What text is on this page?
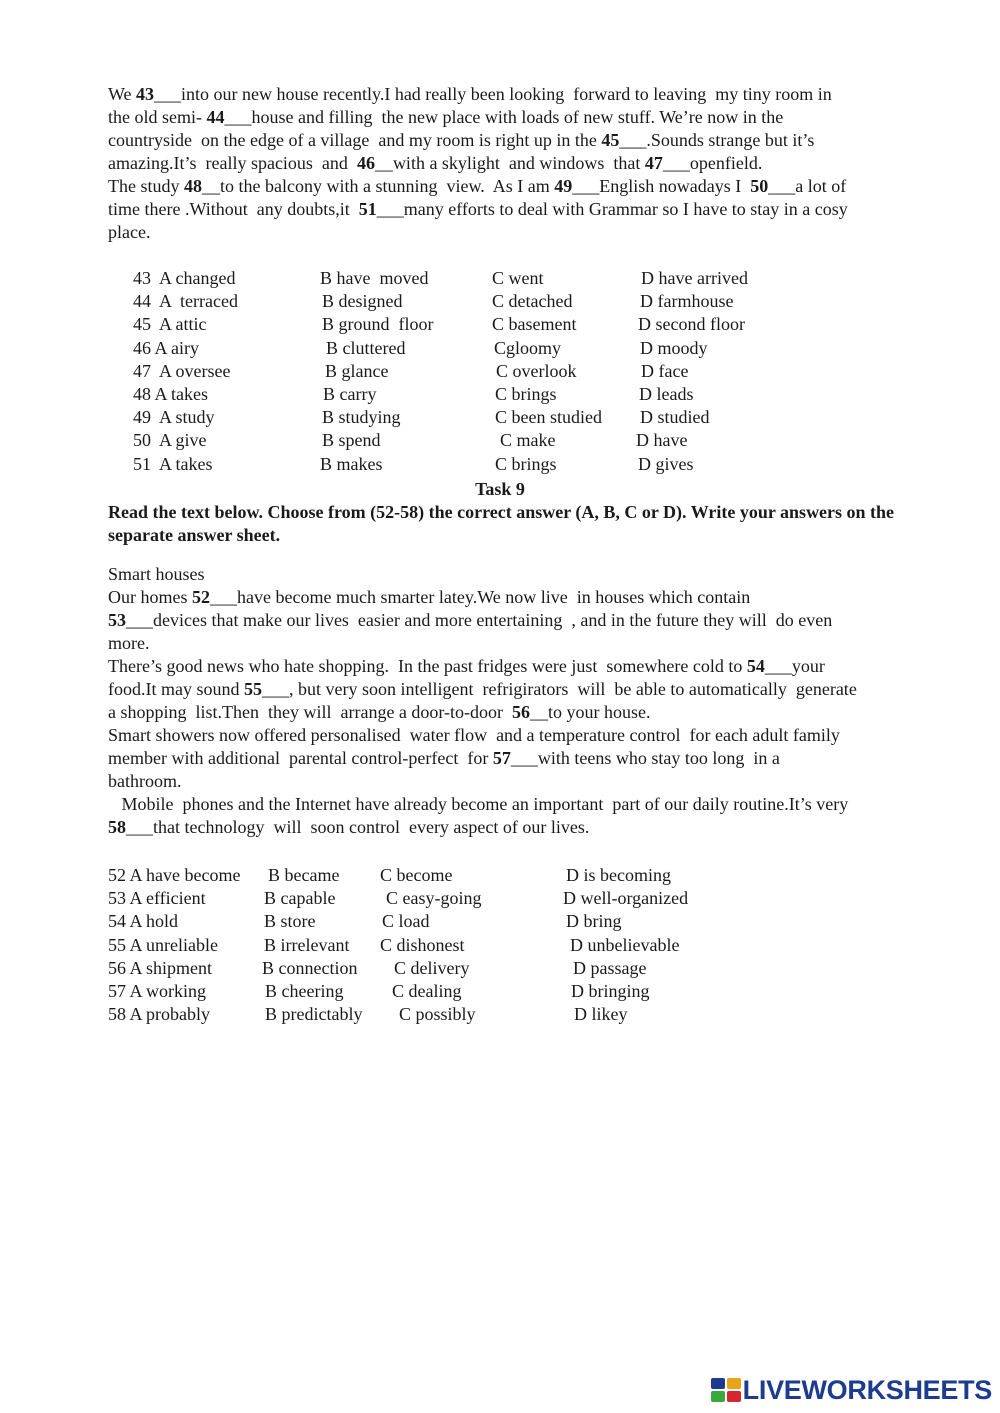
We 43___into our new house recently.I had really been looking  forward to leaving  my tiny room in
the old semi- 44___house and filling  the new place with loads of new stuff. We’re now in the
countryside  on the edge of a village  and my room is right up in the 45___.Sounds strange but it’s
amazing.It’s  really spacious  and  46__with a skylight  and windows  that 47___openfield.
The study 48__to the balcony with a stunning  view.  As I am 49___English nowadays I  50___a lot of
time there .Without  any doubts,it  51___many efforts to deal with Grammar so I have to stay in a cosy
place.
43  A changed	B have  moved	C went	D have arrived
44  A  terraced	B designed	C detached	D farmhouse
45  A attic	B ground  floor	C basement	D second floor
46 A airy	B cluttered	Cgloomy	D moody
47  A oversee	B glance	C overlook	D face
48 A takes	B carry	C brings	D leads
49  A study	B studying	C been studied D studied
50  A give	B spend	C make	D have
51  A takes	B makes	C brings	D gives
Task 9
Read the text below. Choose from (52-58) the correct answer (A, B, C or D). Write your answers on the separate answer sheet.
Smart houses
Our homes 52___have become much smarter latey.We now live  in houses which contain
53___devices that make our lives  easier and more entertaining  , and in the future they will  do even
more.
There’s good news who hate shopping.  In the past fridges were just  somewhere cold to 54___your
food.It may sound 55___, but very soon intelligent  refrigirators  will  be able to automatically  generate
a shopping  list.Then  they will  arrange a door-to-door  56__to your house.
Smart showers now offered personalised  water flow  and a temperature control  for each adult family
member with additional  parental control-perfect  for 57___with teens who stay too long  in a
bathroom.
Mobile  phones and the Internet have already become an important  part of our daily routine.It’s very
58___that technology  will  soon control  every aspect of our lives.
52 A have become B became C become	D is becoming
53 A efficient	B capable	C easy-going	D well-organized
54 A hold	B store	C load	D bring
55 A unreliable	B irrelevant C dishonest	D unbelievable
56 A shipment	B connection C delivery	D passage
57 A working	B cheering	C dealing	D bringing
58 A probably	B predictably C possibly	D likey
LIVEWORKSHEETS
